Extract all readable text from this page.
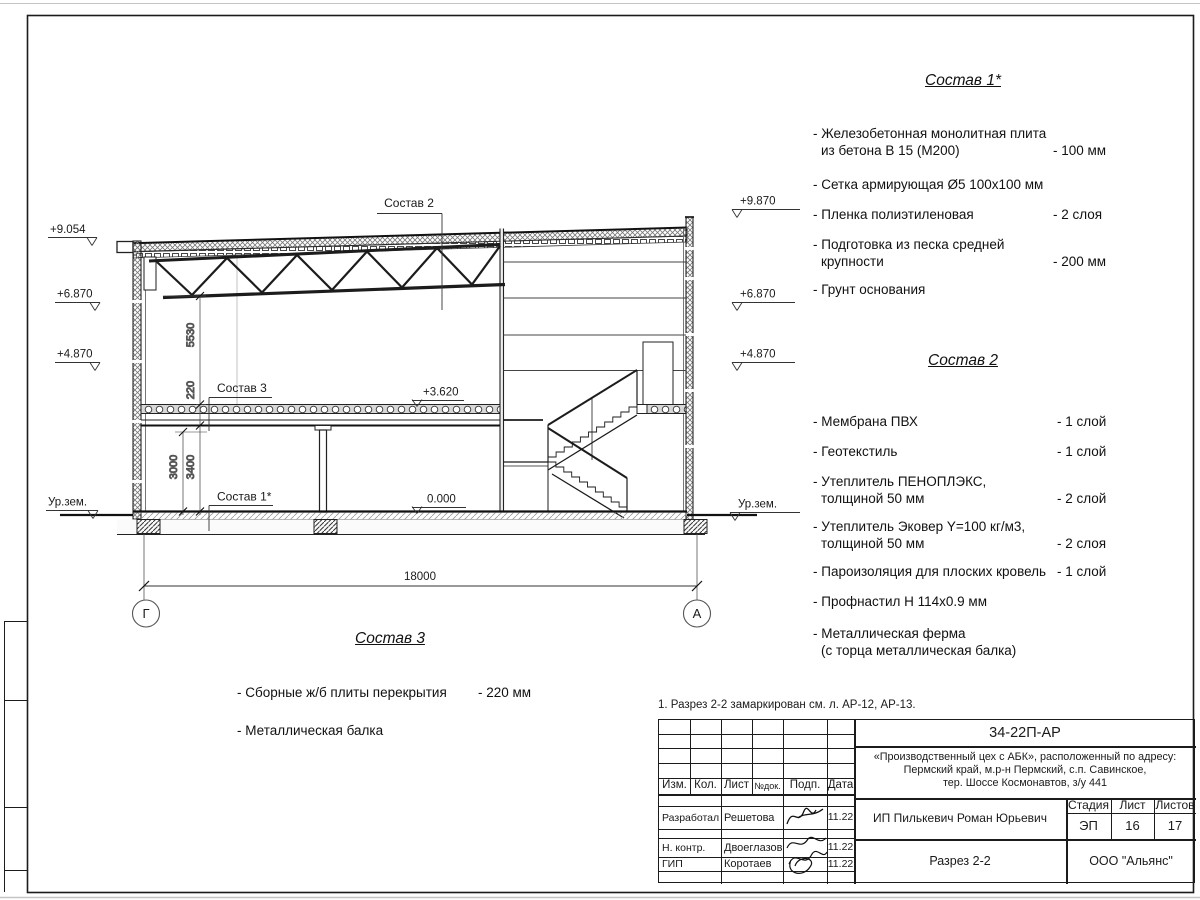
18000
Г	А
5530
220
3400
3000
+9.054
+6.870
+4.870
Ур.зем.
+9.870
+6.870
+4.870
Ур.зем.
Состав 2
+3.620
Состав 3
Состав 1*	0.000
Состав 1*
- Железобетонная монолитная плита
из бетона В 15 (М200)	- 100 мм
- Сетка армирующая Ø5 100х100 мм
- Пленка полиэтиленовая	- 2 слоя
- Подготовка из песка средней
крупности	- 200 мм
- Грунт основания
Состав 2
- Мембрана ПВХ	- 1 слой
- Геотекстиль	- 1 слой
- Утеплитель ПЕНОПЛЭКС,
толщиной 50 мм	- 2 слой
- Утеплитель Эковер Y=100 кг/м3,
толщиной 50 мм	- 2 слоя
- Пароизоляция для плоских кровель - 1 слой
- Профнастил Н 114х0.9 мм
- Металлическая ферма
(с торца металлическая балка)
Состав 3
- Сборные ж/б плиты перекрытия	- 220 мм
- Металлическая балка
1. Разрез 2-2 замаркирован см. л. АР-12, АР-13.
Изм. Кол. Лист №док. Подп. Дата
Разработал Решетова	11.22
Н. контр.	Двоеглазов	11.22
ГИП	Коротаев	11.22
34-22П-АР
«Производственный цех с АБК», расположенный по адресу:
Пермский край, м.р-н Пермский, с.п. Савинское,
тер. Шоссе Космонавтов, з/у 441
ИП Пилькевич Роман Юрьевич
Разрез 2-2
Стадия Лист Листов
ЭП	16	17
ООО "Альянс"
